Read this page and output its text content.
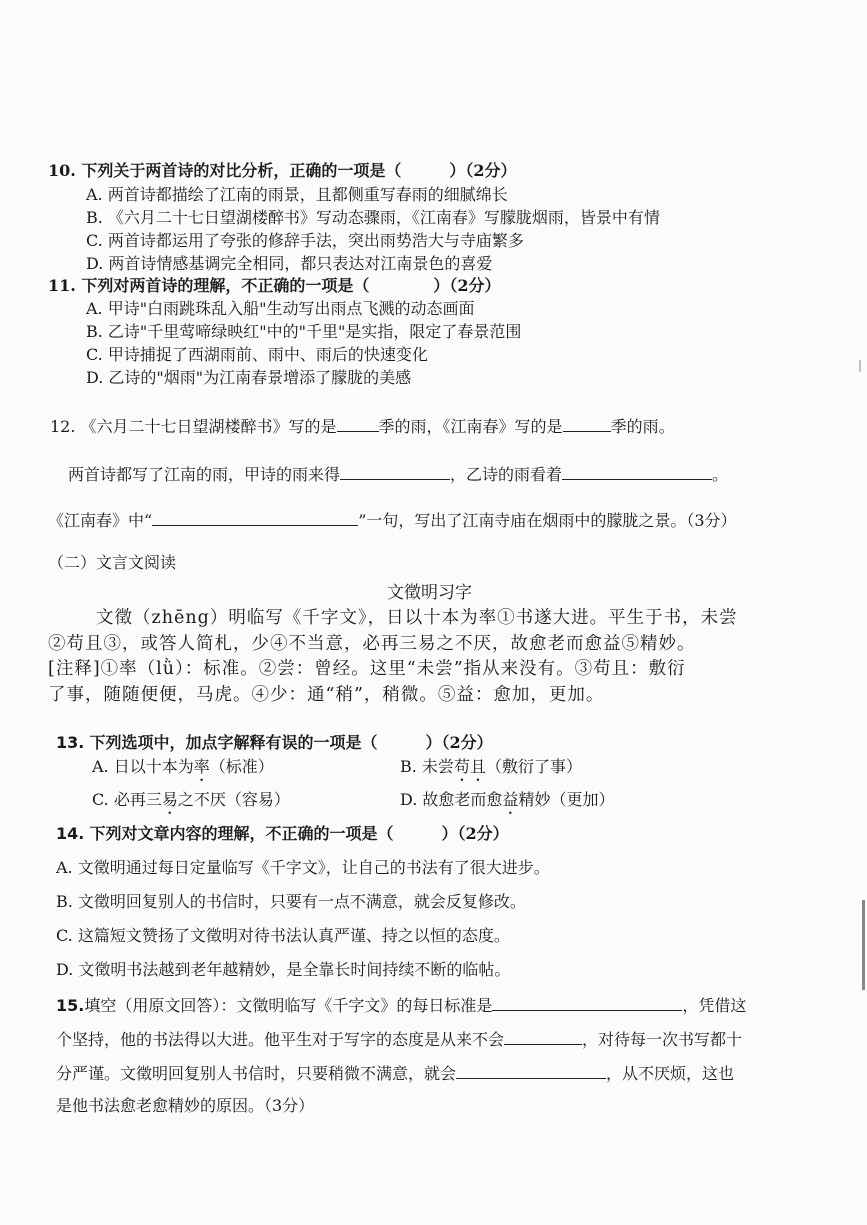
10. 下列关于两首诗的对比分析，正确的一项是（　　　）（2分）
A. 两首诗都描绘了江南的雨景，且都侧重写春雨的细腻绵长
B. 《六月二十七日望湖楼醉书》写动态骤雨，《江南春》写朦胧烟雨，皆景中有情
C. 两首诗都运用了夸张的修辞手法，突出雨势浩大与寺庙繁多
D. 两首诗情感基调完全相同，都只表达对江南景色的喜爱
11. 下列对两首诗的理解，不正确的一项是（　　　　）（2分）
A. 甲诗"白雨跳珠乱入船"生动写出雨点飞溅的动态画面
B. 乙诗"千里莺啼绿映红"中的"千里"是实指，限定了春景范围
C. 甲诗捕捉了西湖雨前、雨中、雨后的快速变化
D. 乙诗的"烟雨"为江南春景增添了朦胧的美感
12. 《六月二十七日望湖楼醉书》写的是	季的雨，《江南春》写的是	季的雨。
两首诗都写了江南的雨，甲诗的雨来得	，乙诗的雨看着	。
《江南春》中“	”一句，写出了江南寺庙在烟雨中的朦胧之景。（3分）
（二）文言文阅读
文徵明习字
文徵（zhēng）明临写《千字文》，日以十本为率①书遂大进。平生于书，未尝
②苟且③，或答人简札，少④不当意，必再三易之不厌，故愈老而愈益⑤精妙。
[注释]①率（lǜ）：标准。②尝：曾经。这里“未尝”指从来没有。③苟且：敷衍
了事，随随便便，马虎。④少：通“稍”，稍微。⑤益：愈加，更加。
13. 下列选项中，加点字解释有误的一项是（　　　）（2分）
A. 日以十本为率（标准）	B. 未尝苟且（敷衍了事）
C. 必再三易之不厌（容易）	D. 故愈老而愈益精妙（更加）
14. 下列对文章内容的理解，不正确的一项是（　　　）（2分）
A. 文徵明通过每日定量临写《千字文》，让自己的书法有了很大进步。
B. 文徵明回复别人的书信时，只要有一点不满意，就会反复修改。
C. 这篇短文赞扬了文徵明对待书法认真严谨、持之以恒的态度。
D. 文徵明书法越到老年越精妙，是全靠长时间持续不断的临帖。
15.填空（用原文回答）：文徵明临写《千字文》的每日标准是	，凭借这
个坚持，他的书法得以大进。他平生对于写字的态度是从来不会	，对待每一次书写都十
分严谨。文徵明回复别人书信时，只要稍微不满意，就会	，从不厌烦，这也
是他书法愈老愈精妙的原因。（3分）
